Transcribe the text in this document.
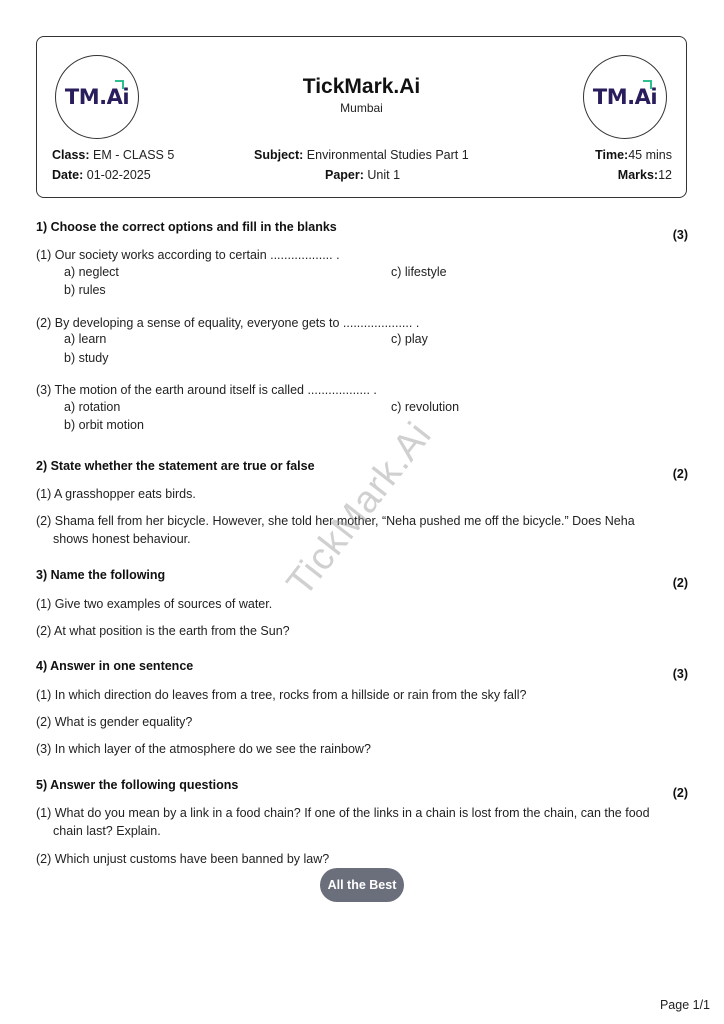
TM.Ai	TickMark.Ai
Mumbai	TM.Ai
Class: EM - CLASS 5	Subject: Environmental Studies Part 1	Time:45 mins
Date: 01-02-2025	Paper: Unit 1	Marks:12
1) Choose the correct options and fill in the blanks
(3)
(1) Our society works according to certain .................. .
a) neglect
b) rules
c) lifestyle
(2) By developing a sense of equality, everyone gets to .................... .
a) learn
b) study
c) play
(3) The motion of the earth around itself is called .................. .
a) rotation
b) orbit motion
c) revolution
2) State whether the statement are true or false
(2)
(1) A grasshopper eats birds.
(2) Shama fell from her bicycle. However, she told her mother, “Neha pushed me off the bicycle.” Does Neha
shows honest behaviour.
3) Name the following
(2)
(1) Give two examples of sources of water.
(2) At what position is the earth from the Sun?
4) Answer in one sentence
(3)
(1) In which direction do leaves from a tree, rocks from a hillside or rain from the sky fall?
(2) What is gender equality?
(3) In which layer of the atmosphere do we see the rainbow?
5) Answer the following questions
(2)
(1) What do you mean by a link in a food chain? If one of the links in a chain is lost from the chain, can the food
chain last? Explain.
(2) Which unjust customs have been banned by law?
TickMark.Ai
All the Best
Page 1/1
